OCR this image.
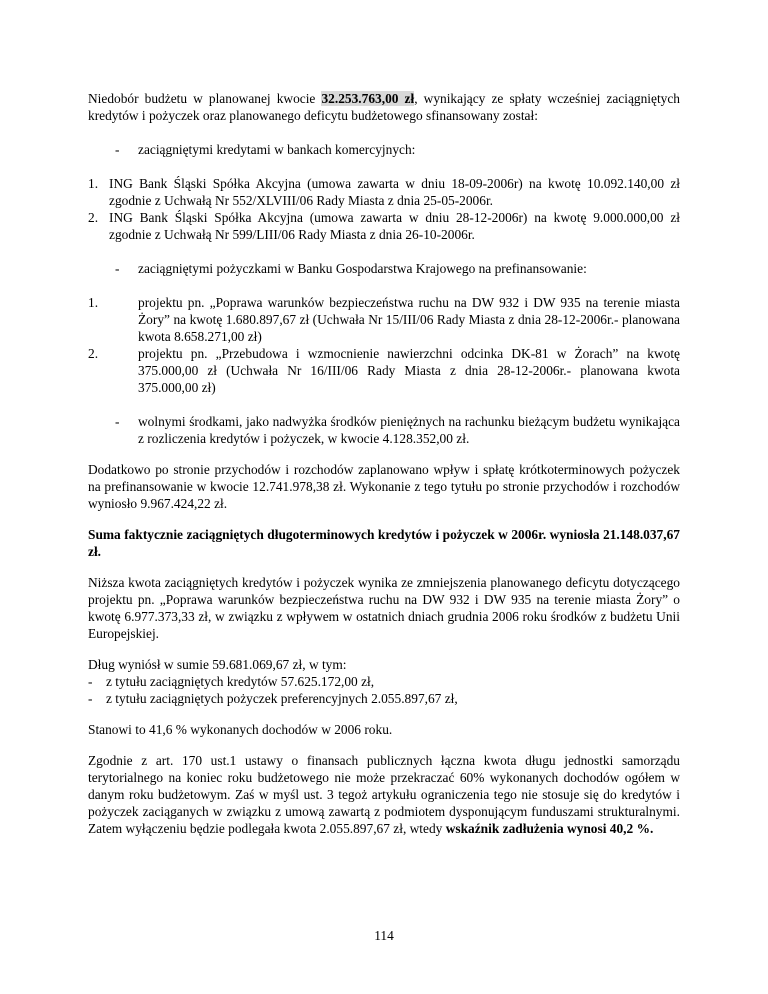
Niedobór budżetu w planowanej kwocie 32.253.763,00 zł, wynikający ze spłaty wcześniej zaciągniętych kredytów i pożyczek oraz planowanego deficytu budżetowego sfinansowany został:

-	zaciągniętymi kredytami w bankach komercyjnych:
1. ING Bank Śląski Spółka Akcyjna (umowa zawarta w dniu 18-09-2006r) na kwotę 10.092.140,00 zł zgodnie z Uchwałą Nr 552/XLVIII/06 Rady Miasta z dnia 25-05-2006r.
2. ING Bank Śląski Spółka Akcyjna (umowa zawarta w dniu 28-12-2006r) na kwotę 9.000.000,00 zł zgodnie z Uchwałą Nr 599/LIII/06 Rady Miasta z dnia 26-10-2006r.
-	zaciągniętymi pożyczkami w Banku Gospodarstwa Krajowego na prefinansowanie:
1.	projektu pn. „Poprawa warunków bezpieczeństwa ruchu na DW 932 i DW 935 na terenie miasta Żory” na kwotę 1.680.897,67 zł (Uchwała Nr 15/III/06 Rady Miasta z dnia 28-12-2006r.- planowana kwota 8.658.271,00 zł)
2.	projektu pn. „Przebudowa i wzmocnienie nawierzchni odcinka DK-81 w Żorach” na kwotę 375.000,00 zł (Uchwała Nr 16/III/06 Rady Miasta z dnia 28-12-2006r.- planowana kwota 375.000,00 zł)
-	wolnymi środkami, jako nadwyżka środków pieniężnych na rachunku bieżącym budżetu wynikająca z rozliczenia kredytów i pożyczek, w kwocie 4.128.352,00 zł.

Dodatkowo po stronie przychodów i rozchodów zaplanowano wpływ i spłatę krótkoterminowych pożyczek na prefinansowanie w kwocie 12.741.978,38 zł. Wykonanie z tego tytułu po stronie przychodów i rozchodów wyniosło 9.967.424,22 zł.

Suma faktycznie zaciągniętych długoterminowych kredytów i pożyczek w 2006r. wyniosła 21.148.037,67 zł.

Niższa kwota zaciągniętych kredytów i pożyczek wynika ze zmniejszenia planowanego deficytu dotyczącego projektu pn. „Poprawa warunków bezpieczeństwa ruchu na DW 932 i DW 935 na terenie miasta Żory” o kwotę 6.977.373,33 zł, w związku z wpływem w ostatnich dniach grudnia 2006 roku środków z budżetu Unii Europejskiej.

Dług wyniósł w sumie 59.681.069,67 zł, w tym:

-	z tytułu zaciągniętych kredytów 57.625.172,00 zł,
-	z tytułu zaciągniętych pożyczek preferencyjnych 2.055.897,67 zł,

Stanowi to 41,6 % wykonanych dochodów w 2006 roku.

Zgodnie z art. 170 ust.1 ustawy o finansach publicznych łączna kwota długu jednostki samorządu terytorialnego na koniec roku budżetowego nie może przekraczać 60% wykonanych dochodów ogółem w danym roku budżetowym. Zaś w myśl ust. 3 tegoż artykułu ograniczenia tego nie stosuje się do kredytów i pożyczek zaciąganych w związku z umową zawartą z podmiotem dysponującym funduszami strukturalnymi. Zatem wyłączeniu będzie podlegała kwota 2.055.897,67 zł, wtedy wskaźnik zadłużenia wynosi 40,2 %.

114
